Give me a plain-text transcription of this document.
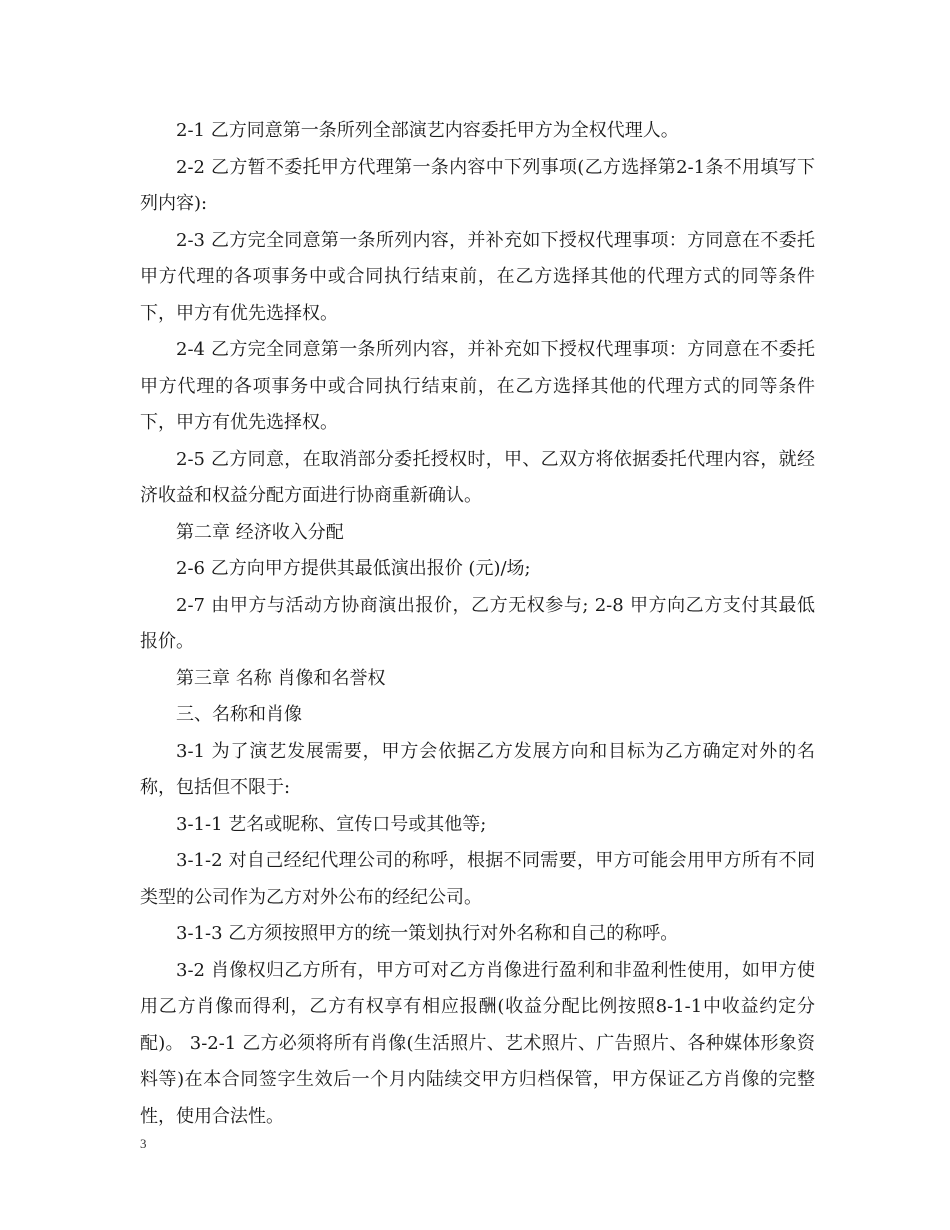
2-1 乙方同意第一条所列全部演艺内容委托甲方为全权代理人。

2-2 乙方暂不委托甲方代理第一条内容中下列事项(乙方选择第2-1条不用填写下列内容):

2-3 乙方完全同意第一条所列内容，并补充如下授权代理事项：方同意在不委托甲方代理的各项事务中或合同执行结束前，在乙方选择其他的代理方式的同等条件下，甲方有优先选择权。

2-4 乙方完全同意第一条所列内容，并补充如下授权代理事项：方同意在不委托甲方代理的各项事务中或合同执行结束前，在乙方选择其他的代理方式的同等条件下，甲方有优先选择权。

2-5 乙方同意，在取消部分委托授权时，甲、乙双方将依据委托代理内容，就经济收益和权益分配方面进行协商重新确认。

第二章 经济收入分配

2-6 乙方向甲方提供其最低演出报价 (元)/场;

2-7 由甲方与活动方协商演出报价，乙方无权参与; 2-8 甲方向乙方支付其最低报价。

第三章 名称 肖像和名誉权

三、名称和肖像

3-1 为了演艺发展需要，甲方会依据乙方发展方向和目标为乙方确定对外的名称，包括但不限于:

3-1-1 艺名或昵称、宣传口号或其他等;

3-1-2 对自己经纪代理公司的称呼，根据不同需要，甲方可能会用甲方所有不同类型的公司作为乙方对外公布的经纪公司。

3-1-3 乙方须按照甲方的统一策划执行对外名称和自己的称呼。

3-2 肖像权归乙方所有，甲方可对乙方肖像进行盈利和非盈利性使用，如甲方使用乙方肖像而得利，乙方有权享有相应报酬(收益分配比例按照8-1-1中收益约定分配)。 3-2-1 乙方必须将所有肖像(生活照片、艺术照片、广告照片、各种媒体形象资料等)在本合同签字生效后一个月内陆续交甲方归档保管，甲方保证乙方肖像的完整性，使用合法性。

3
